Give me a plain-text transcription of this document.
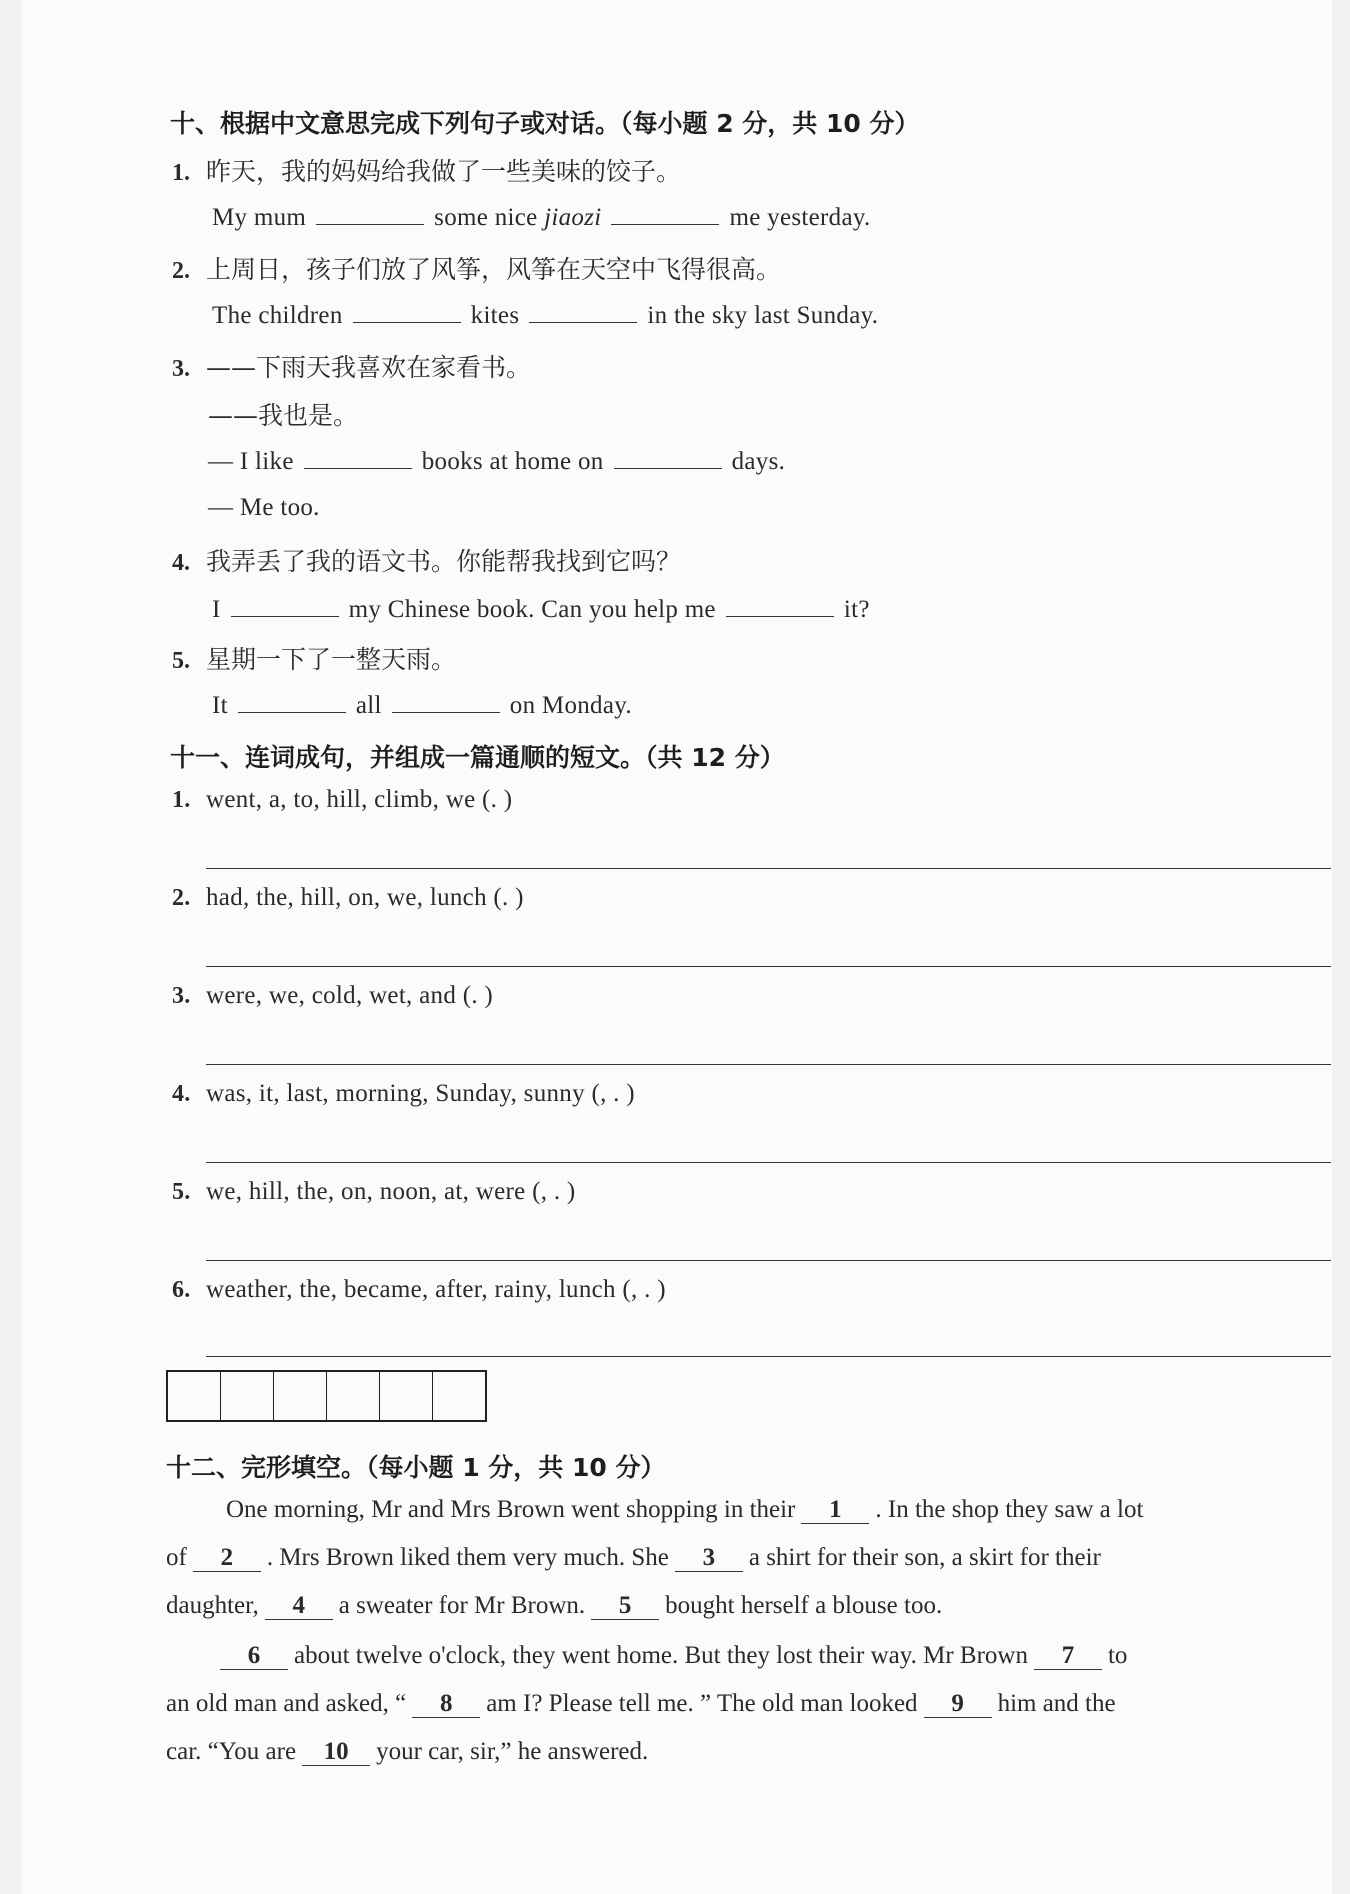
十、根据中文意思完成下列句子或对话。（每小题 2 分，共 10 分）
1. 昨天，我的妈妈给我做了一些美味的饺子。
My mum	some nice jiaozi	me yesterday.
2. 上周日，孩子们放了风筝，风筝在天空中飞得很高。
The children	kites	in the sky last Sunday.
3. ——下雨天我喜欢在家看书。
——我也是。
— I like	books at home on	days.
— Me too.
4. 我弄丢了我的语文书。你能帮我找到它吗？
I	my Chinese book. Can you help me	it?
5. 星期一下了一整天雨。
It	all	on Monday.
十一、连词成句，并组成一篇通顺的短文。（共 12 分）
1. went, a, to, hill, climb, we (. )
2. had, the, hill, on, we, lunch (. )
3. were, we, cold, wet, and (. )
4. was, it, last, morning, Sunday, sunny (, . )
5. we, hill, the, on, noon, at, were (, . )
6. weather, the, became, after, rainy, lunch (, . )
十二、完形填空。（每小题 1 分，共 10 分）
One morning, Mr and Mrs Brown went shopping in their 1 . In the shop they saw a lot
of 2 . Mrs Brown liked them very much. She 3 a shirt for their son, a skirt for their
daughter, 4 a sweater for Mr Brown. 5 bought herself a blouse too.
6 about twelve o'clock, they went home. But they lost their way. Mr Brown 7 to
an old man and asked, “ 8 am I? Please tell me. ” The old man looked 9 him and the
car. “You are 10 your car, sir,” he answered.
